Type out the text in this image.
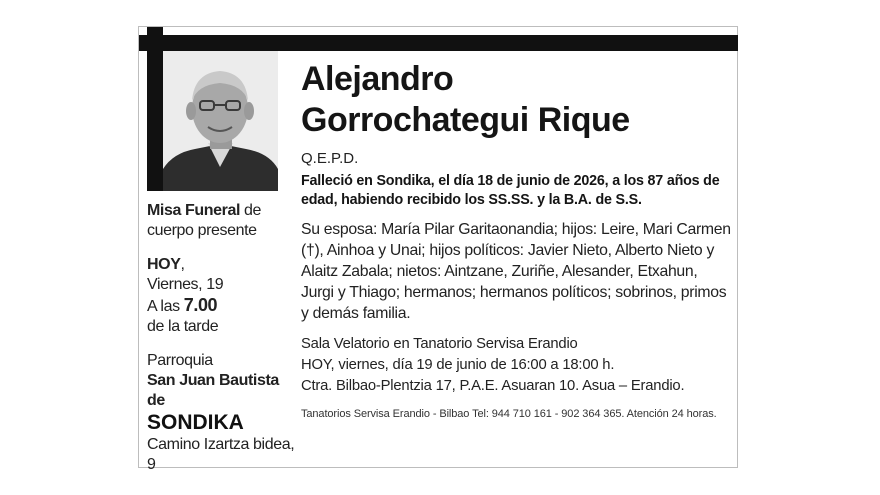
Misa Funeral de
cuerpo presente
HOY,
Viernes, 19
A las 7.00
de la tarde
Parroquia
San Juan Bautista de
SONDIKA
Camino Izartza bidea, 9
Alejandro
Gorrochategui Rique
Q.E.P.D.
Falleció en Sondika, el día 18 de junio de 2026, a los 87 años de edad, habiendo recibido los SS.SS. y la B.A. de S.S.
Su esposa: María Pilar Garitaonandia; hijos: Leire, Mari Carmen (†), Ainhoa y Unai; hijos políticos: Javier Nieto, Alberto Nieto y Alaitz Zabala; nietos: Aintzane, Zuriñe, Alesander, Etxahun, Jurgi y Thiago; hermanos; hermanos políticos; sobrinos, primos y demás familia.
Sala Velatorio en Tanatorio Servisa Erandio
HOY, viernes, día 19 de junio de 16:00 a 18:00 h.
Ctra. Bilbao-Plentzia 17, P.A.E. Asuaran 10. Asua – Erandio.
Tanatorios Servisa Erandio - Bilbao Tel: 944 710 161 - 902 364 365. Atención 24 horas.
